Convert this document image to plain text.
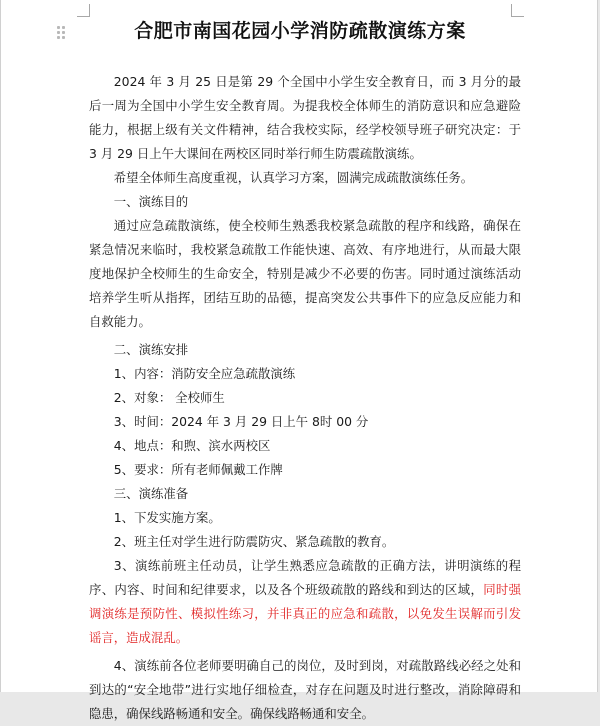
合肥市南国花园小学消防疏散演练方案

2024 年 3 月 25 日是第 29 个全国中小学生安全教育日，而 3 月分的最后一周为全国中小学生安全教育周。为提我校全体师生的消防意识和应急避险能力，根据上级有关文件精神，结合我校实际，经学校领导班子研究决定：于 3 月 29 日上午大课间在两校区同时举行师生防震疏散演练。

希望全体师生高度重视，认真学习方案，圆满完成疏散演练任务。

一、演练目的

通过应急疏散演练，使全校师生熟悉我校紧急疏散的程序和线路，确保在紧急情况来临时，我校紧急疏散工作能快速、高效、有序地进行，从而最大限度地保护全校师生的生命安全，特别是减少不必要的伤害。同时通过演练活动培养学生听从指挥，团结互助的品德，提高突发公共事件下的应急反应能力和自救能力。

二、演练安排

1、内容：消防安全应急疏散演练

2、对象： 全校师生

3、时间：2024 年 3 月 29 日上午 8时 00 分

4、地点：和煦、滨水两校区

5、要求：所有老师佩戴工作牌

三、演练准备

1、下发实施方案。

2、班主任对学生进行防震防灾、紧急疏散的教育。

3、演练前班主任动员，让学生熟悉应急疏散的正确方法，讲明演练的程序、内容、时间和纪律要求，以及各个班级疏散的路线和到达的区域，同时强调演练是预防性、模拟性练习，并非真正的应急和疏散，以免发生误解而引发谣言，造成混乱。

4、演练前各位老师要明确自己的岗位，及时到岗，对疏散路线必经之处和到达的“安全地带”进行实地仔细检查，对存在问题及时进行整改，消除障碍和隐患，确保线路畅通和安全。确保线路畅通和安全。
